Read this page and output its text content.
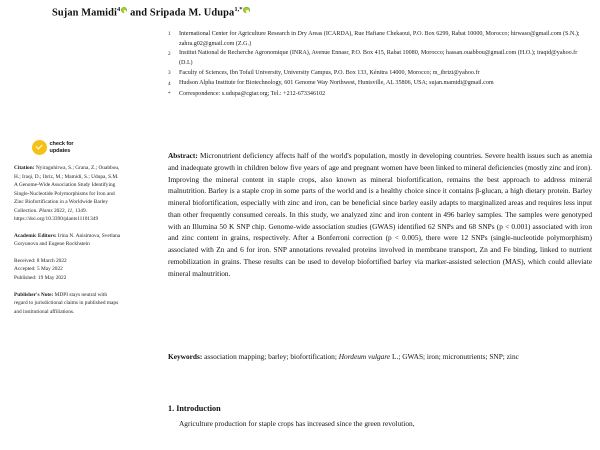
Sujan Mamidi$^4$ and Sripada M. Udupa$^{1,*}$
1	International Center for Agriculture Research in Dry Areas (ICARDA), Rue Hafiane Chekaoui, P.O. Box 6299, Rabat 10000, Morocco; hirwaso@gmail.com (S.N.); zahra.g02@gmail.com (Z.G.)
2	Institut National de Recherche Agronomique (INRA), Avenue Ennasr, P.O. Box 415, Rabat 10080, Morocco; hassan.ouabbou@gmail.com (H.O.); iraqid@yahoo.fr (D.I.)
3	Faculty of Sciences, Ibn Tofail University, University Campus, P.O. Box 133, Kénitra 14000, Morocco; m_ibrizi@yahoo.fr
4	Hudson Alpha Institute for Biotechnology, 601 Genome Way Northwest, Huntsville, AL 35806, USA; sujan.mamidi@gmail.com
*	Correspondence: s.udupa@cgiar.org; Tel.: +212-673346102
Abstract: Micronutrient deficiency affects half of the world's population, mostly in developing countries. Severe health issues such as anemia and inadequate growth in children below five years of age and pregnant women have been linked to mineral deficiencies (mostly zinc and iron). Improving the mineral content in staple crops, also known as mineral biofortification, remains the best approach to address mineral malnutrition. Barley is a staple crop in some parts of the world and is a healthy choice since it contains β-glucan, a high dietary protein. Barley mineral biofortification, especially with zinc and iron, can be beneficial since barley easily adapts to marginalized areas and requires less input than other frequently consumed cereals. In this study, we analyzed zinc and iron content in 496 barley samples. The samples were genotyped with an Illumina 50 K SNP chip. Genome-wide association studies (GWAS) identified 62 SNPs and 68 SNPs (p < 0.001) associated with iron and zinc content in grains, respectively. After a Bonferroni correction (p < 0.005), there were 12 SNPs (single-nucleotide polymorphism) associated with Zn and 6 for iron. SNP annotations revealed proteins involved in membrane transport, Zn and Fe binding, linked to nutrient remobilization in grains. These results can be used to develop biofortified barley via marker-assisted selection (MAS), which could alleviate mineral malnutrition.
Keywords: association mapping; barley; biofortification; Hordeum vulgare L.; GWAS; iron; micronutrients; SNP; zinc
1. Introduction
Agriculture production for staple crops has increased since the green revolution,
check for
updates
Citation: Nyiraguhirwa, S.; Grana, Z.; Ouabbou, H.; Iraqi, D.; Ibriz, M.; Mamidi, S.; Udupa, S.M. A Genome-Wide Association Study Identifying Single-Nucleotide Polymorphisms for Iron and Zinc Biofortification in a Worldwide Barley Collection. Plants 2022, 11, 1349. https://doi.org/10.3390/plants11101349
Academic Editors: Irina N. Anisimova, Svetlana Goryunova and Eugene Rockhstein
Received: 8 March 2022
Accepted: 5 May 2022
Published: 19 May 2022
Publisher's Note: MDPI stays neutral with regard to jurisdictional claims in published maps and institutional affiliations.
